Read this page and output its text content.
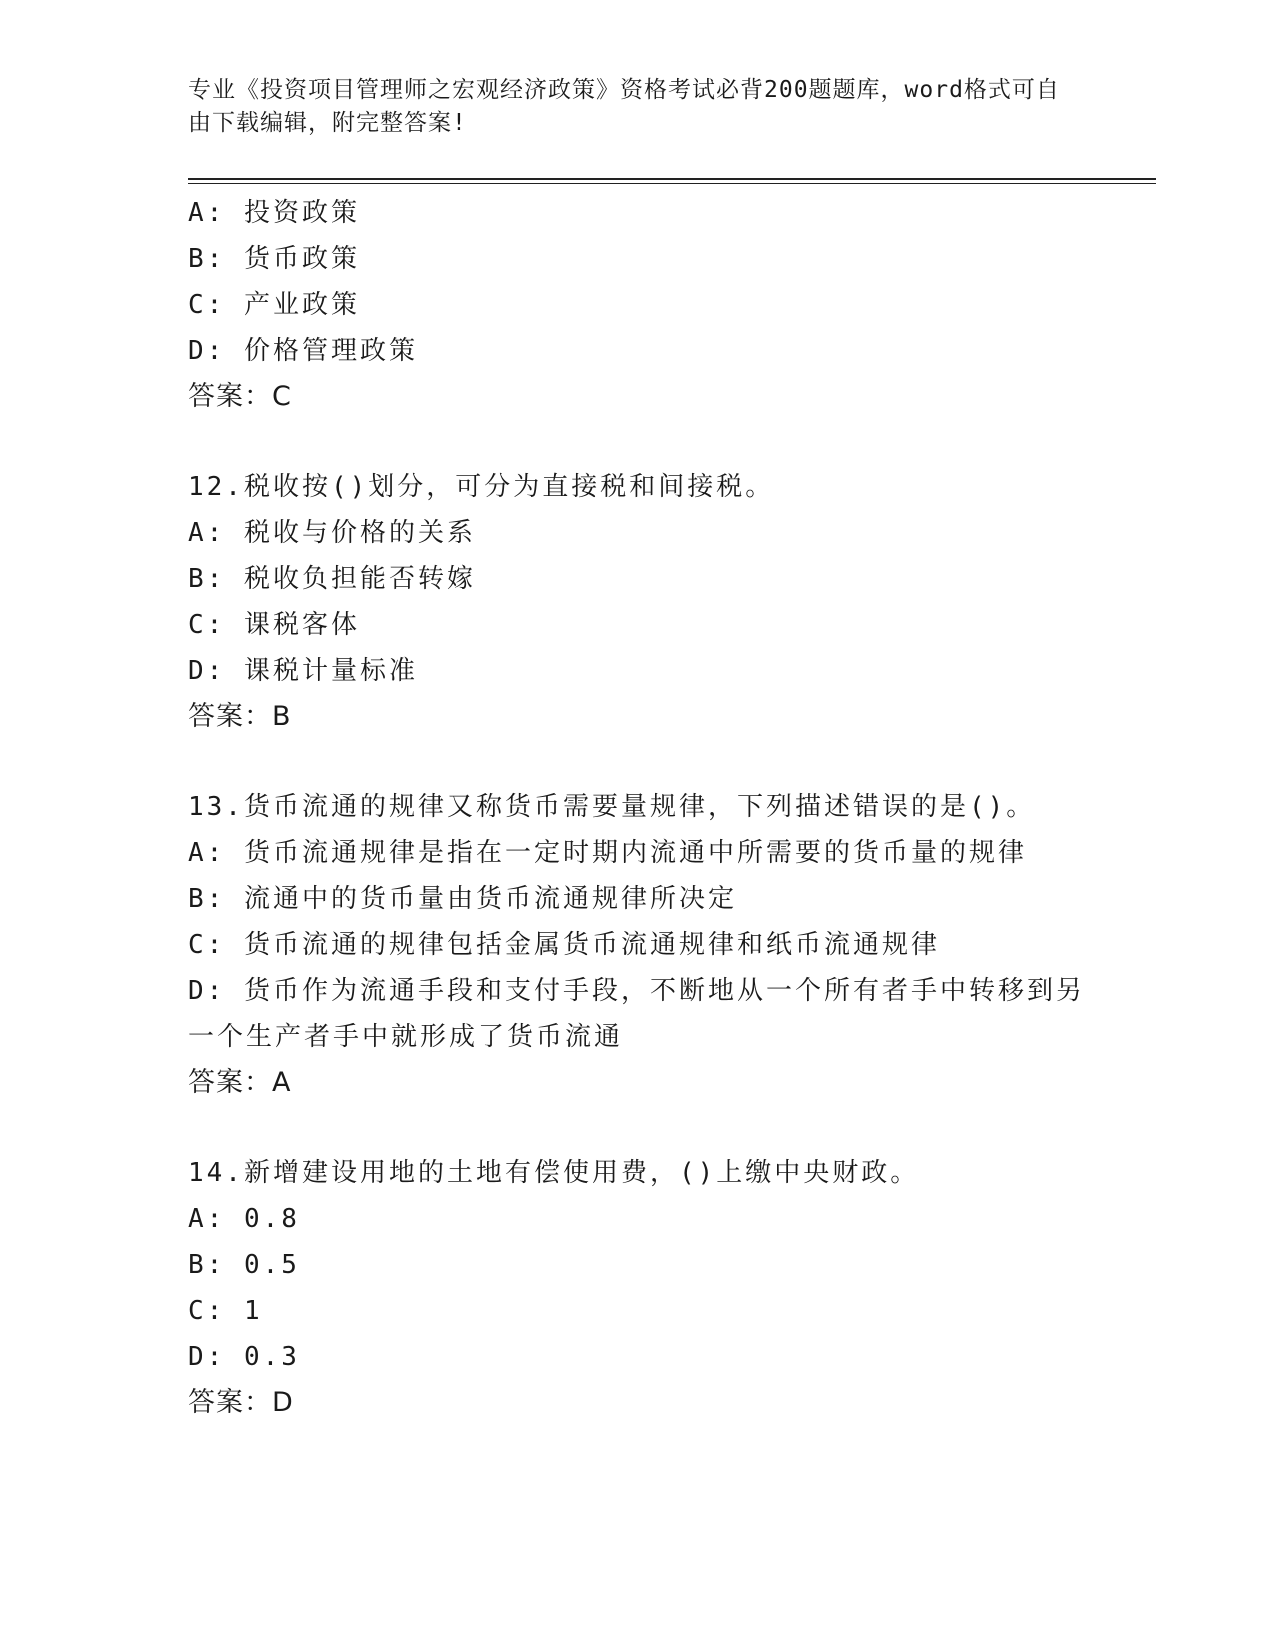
专业《投资项目管理师之宏观经济政策》资格考试必背200题题库，word格式可自由下载编辑，附完整答案!
A: 投资政策
B: 货币政策
C: 产业政策
D: 价格管理政策
答案：C
12.税收按()划分，可分为直接税和间接税。
A: 税收与价格的关系
B: 税收负担能否转嫁
C: 课税客体
D: 课税计量标准
答案：B
13.货币流通的规律又称货币需要量规律，下列描述错误的是()。
A: 货币流通规律是指在一定时期内流通中所需要的货币量的规律
B: 流通中的货币量由货币流通规律所决定
C: 货币流通的规律包括金属货币流通规律和纸币流通规律
D: 货币作为流通手段和支付手段，不断地从一个所有者手中转移到另一个生产者手中就形成了货币流通
答案：A
14.新增建设用地的土地有偿使用费，()上缴中央财政。
A: 0.8
B: 0.5
C: 1
D: 0.3
答案：D
